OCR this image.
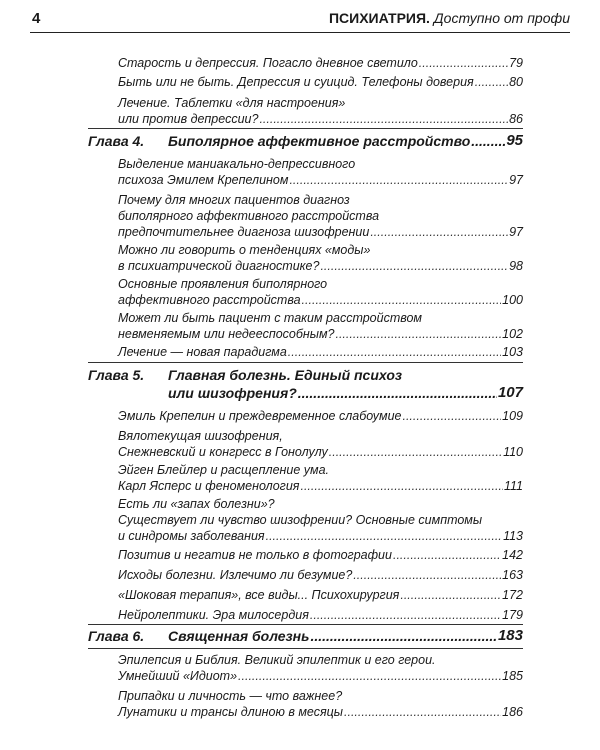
4	ПСИХИАТРИЯ. Доступно от профи
Старость и депрессия. Погасло дневное светило .....	79
Быть или не быть. Депрессия и суицид. Телефоны доверия .....	80
Лечение. Таблетки «для настроения»
или против депрессии? .....	86
Глава 4.	Биполярное аффективное расстройство ..... 95
Выделение маниакально-депрессивного
психоза Эмилем Крепелином .....	97
Почему для многих пациентов диагноз
биполярного аффективного расстройства
предпочтительнее диагноза шизофрении .....	97
Можно ли говорить о тенденциях «моды»
в психиатрической диагностике? .....	98
Основные проявления биполярного
аффективного расстройства .....	100
Может ли быть пациент с таким расстройством
невменяемым или недееспособным? .....	102
Лечение — новая парадигма .....	103
Глава 5.	Главная болезнь. Единый психоз
или шизофрения? .....	107
Эмиль Крепелин и преждевременное слабоумие .....	109
Вялотекущая шизофрения,
Снежневский и конгресс в Гонолулу .....	110
Эйген Блейлер и расщепление ума.
Карл Ясперс и феноменология .....	111
Есть ли «запах болезни»?
Существует ли чувство шизофрении? Основные симптомы
и синдромы заболевания .....	113
Позитив и негатив не только в фотографии .....	142
Исходы болезни. Излечимо ли безумие? .....	163
«Шоковая терапия», все виды... Психохирургия .....	172
Нейролептики. Эра милосердия .....	179
Глава 6.	Священная болезнь .....	183
Эпилепсия и Библия. Великий эпилептик и его герои.
Умнейший «Идиот» .....	185
Припадки и личность — что важнее?
Лунатики и трансы длиною в месяцы .....	186
